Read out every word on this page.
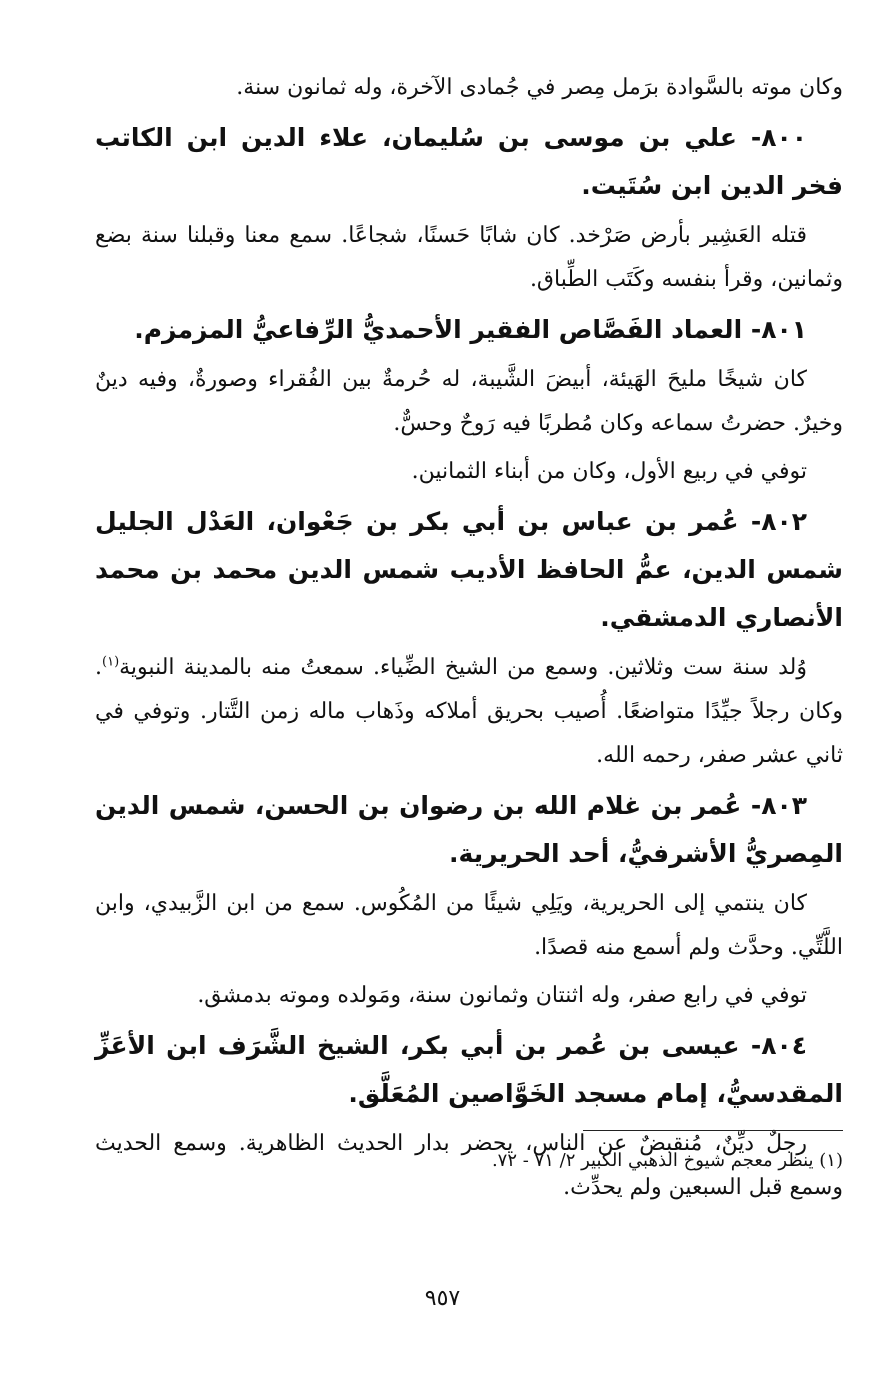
وكان موته بالسَّوادة برَمل مِصر في جُمادى الآخرة، وله ثمانون سنة.

٨٠٠- علي بن موسى بن سُليمان، علاء الدين ابن الكاتب فخر الدين ابن سُتَيت.

قتله العَشِير بأرض صَرْخد. كان شابًا حَسنًا، شجاعًا. سمع معنا وقبلنا سنة بضع وثمانين، وقرأ بنفسه وكَتَب الطِّباق.

٨٠١- العماد الفَصَّاص الفقير الأحمديُّ الرِّفاعيُّ المزمزم.

كان شيخًا مليحَ الهَيئة، أبيضَ الشَّيبة، له حُرمةٌ بين الفُقراء وصورةٌ، وفيه دينٌ وخيرٌ. حضرتُ سماعه وكان مُطربًا فيه رَوحٌ وحسٌّ.

توفي في ربيع الأول، وكان من أبناء الثمانين.

٨٠٢- عُمر بن عباس بن أبي بكر بن جَعْوان، العَدْل الجليل شمس الدين، عمُّ الحافظ الأديب شمس الدين محمد بن محمد الأنصاري الدمشقي.

وُلد سنة ست وثلاثين. وسمع من الشيخ الضِّياء. سمعتُ منه بالمدينة النبوية$^{(١)}$. وكان رجلاً جيِّدًا متواضعًا. أُصيب بحريق أملاكه وذَهاب ماله زمن التَّتار. وتوفي في ثاني عشر صفر، رحمه الله.

٨٠٣- عُمر بن غلام الله بن رضوان بن الحسن، شمس الدين المِصريُّ الأشرفيُّ، أحد الحريرية.

كان ينتمي إلى الحريرية، ويَلِي شيئًا من المُكُوس. سمع من ابن الزَّبيدي، وابن اللَّتِّي. وحدَّث ولم أسمع منه قصدًا.

توفي في رابع صفر، وله اثنتان وثمانون سنة، ومَولده وموته بدمشق.

٨٠٤- عيسى بن عُمر بن أبي بكر، الشيخ الشَّرَف ابن الأعَزِّ المقدسيُّ، إمام مسجد الخَوَّاصين المُعَلَّق.

رجلٌ ديِّنٌ، مُنقبضٌ عن الناس، يحضر بدار الحديث الظاهرية. وسمع الحديث وسمع قبل السبعين ولم يحدِّث.

(١) ينظر معجم شيوخ الذهبي الكبير ٢/ ٧١ - ٧٢.
٩٥٧
